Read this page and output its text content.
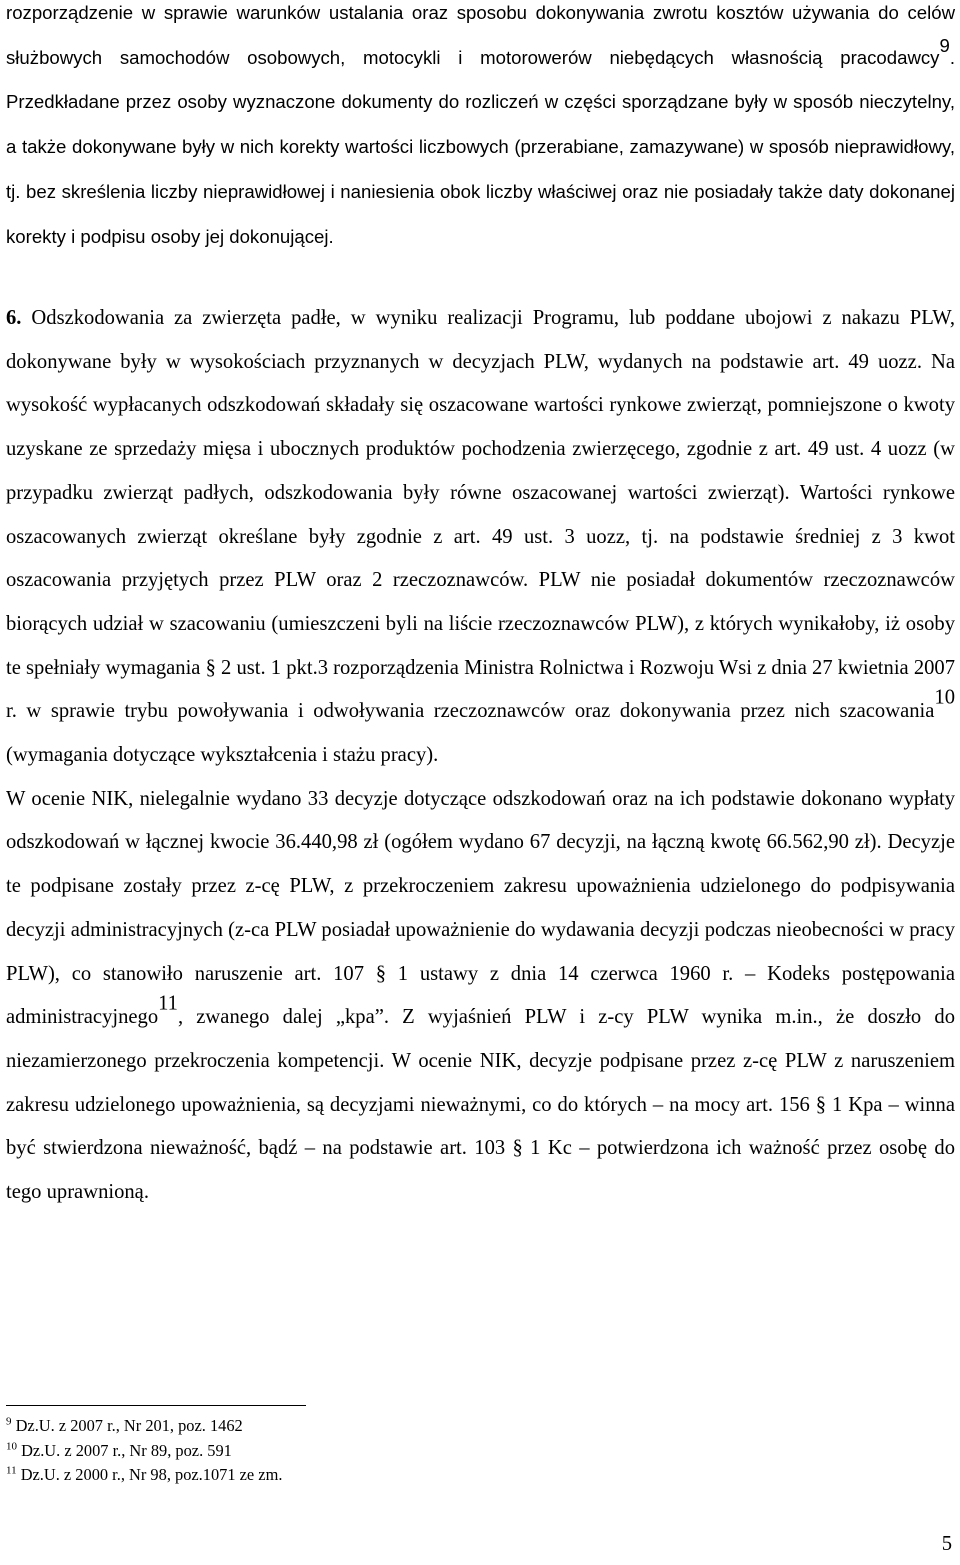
rozporządzenie w sprawie warunków ustalania oraz sposobu dokonywania zwrotu kosztów używania do celów służbowych samochodów osobowych, motocykli i motorowerów niebędących własnością pracodawcy$^9$. Przedkładane przez osoby wyznaczone dokumenty do rozliczeń w części sporządzane były w sposób nieczytelny, a także dokonywane były w nich korekty wartości liczbowych (przerabiane, zamazywane) w sposób nieprawidłowy, tj. bez skreślenia liczby nieprawidłowej i naniesienia obok liczby właściwej oraz nie posiadały także daty dokonanej korekty i podpisu osoby jej dokonującej.

6. Odszkodowania za zwierzęta padłe, w wyniku realizacji Programu, lub poddane ubojowi z nakazu PLW, dokonywane były w wysokościach przyznanych w decyzjach PLW, wydanych na podstawie art. 49 uozz. Na wysokość wypłacanych odszkodowań składały się oszacowane wartości rynkowe zwierząt, pomniejszone o kwoty uzyskane ze sprzedaży mięsa i ubocznych produktów pochodzenia zwierzęcego, zgodnie z art. 49 ust. 4 uozz (w przypadku zwierząt padłych, odszkodowania były równe oszacowanej wartości zwierząt). Wartości rynkowe oszacowanych zwierząt określane były zgodnie z art. 49 ust. 3 uozz, tj. na podstawie średniej z 3 kwot oszacowania przyjętych przez PLW oraz 2 rzeczoznawców. PLW nie posiadał dokumentów rzeczoznawców biorących udział w szacowaniu (umieszczeni byli na liście rzeczoznawców PLW), z których wynikałoby, iż osoby te spełniały wymagania § 2 ust. 1 pkt.3 rozporządzenia Ministra Rolnictwa i Rozwoju Wsi z dnia 27 kwietnia 2007 r. w sprawie trybu powoływania i odwoływania rzeczoznawców oraz dokonywania przez nich szacowania$^{10}$ (wymagania dotyczące wykształcenia i stażu pracy).
W ocenie NIK, nielegalnie wydano 33 decyzje dotyczące odszkodowań oraz na ich podstawie dokonano wypłaty odszkodowań w łącznej kwocie 36.440,98 zł (ogółem wydano 67 decyzji, na łączną kwotę 66.562,90 zł). Decyzje te podpisane zostały przez z-cę PLW, z przekroczeniem zakresu upoważnienia udzielonego do podpisywania decyzji administracyjnych (z-ca PLW posiadał upoważnienie do wydawania decyzji podczas nieobecności w pracy PLW), co stanowiło naruszenie art. 107 § 1 ustawy z dnia 14 czerwca 1960 r. – Kodeks postępowania administracyjnego$^{11}$, zwanego dalej „kpa”. Z wyjaśnień PLW i z-cy PLW wynika m.in., że doszło do niezamierzonego przekroczenia kompetencji. W ocenie NIK, decyzje podpisane przez z-cę PLW z naruszeniem zakresu udzielonego upoważnienia, są decyzjami nieważnymi, co do których – na mocy art. 156 § 1 Kpa – winna być stwierdzona nieważność, bądź – na podstawie art. 103 § 1 Kc – potwierdzona ich ważność przez osobę do tego uprawnioną.

$^9$ Dz.U. z 2007 r., Nr 201, poz. 1462

$^{10}$ Dz.U. z 2007 r., Nr 89, poz. 591

$^{11}$ Dz.U. z 2000 r., Nr 98, poz.1071 ze zm.

5
